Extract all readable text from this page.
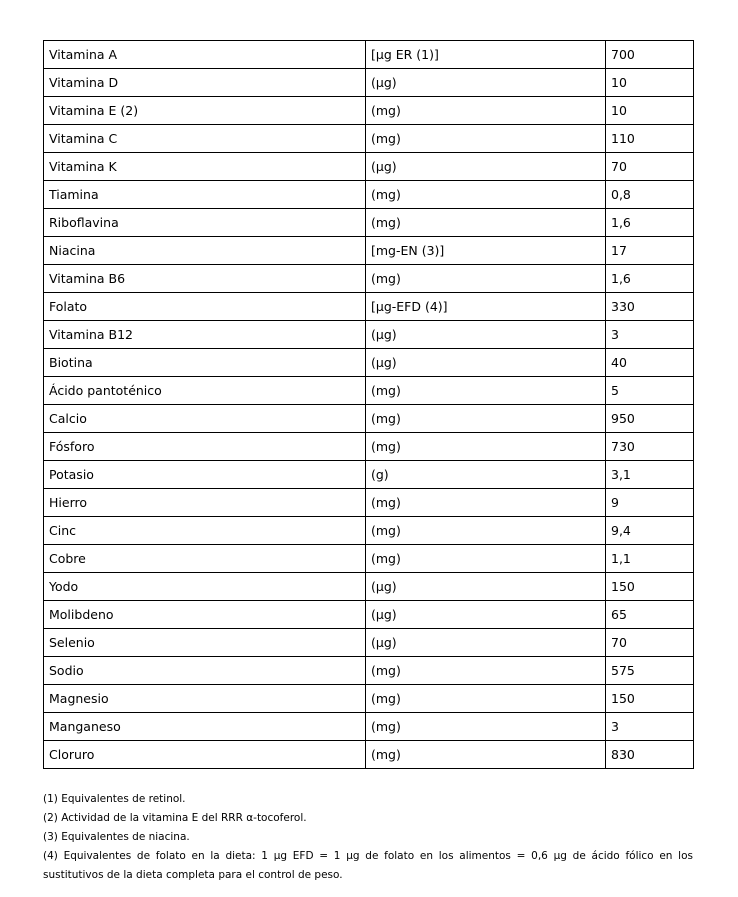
Vitamina A	[µg ER (1)]	700
Vitamina D	(µg)	10
Vitamina E (2)	(mg)	10
Vitamina C	(mg)	110
Vitamina K	(µg)	70
Tiamina	(mg)	0,8
Riboflavina	(mg)	1,6
Niacina	[mg-EN (3)]	17
Vitamina B6	(mg)	1,6
Folato	[µg-EFD (4)]	330
Vitamina B12	(µg)	3
Biotina	(µg)	40
Ácido pantoténico	(mg)	5
Calcio	(mg)	950
Fósforo	(mg)	730
Potasio	(g)	3,1
Hierro	(mg)	9
Cinc	(mg)	9,4
Cobre	(mg)	1,1
Yodo	(µg)	150
Molibdeno	(µg)	65
Selenio	(µg)	70
Sodio	(mg)	575
Magnesio	(mg)	150
Manganeso	(mg)	3
Cloruro	(mg)	830

(1) Equivalentes de retinol.

(2) Actividad de la vitamina E del RRR α-tocoferol.

(3) Equivalentes de niacina.

(4) Equivalentes de folato en la dieta: 1 µg EFD = 1 µg de folato en los alimentos = 0,6 µg de ácido fólico en los sustitutivos de la dieta completa para el control de peso.
